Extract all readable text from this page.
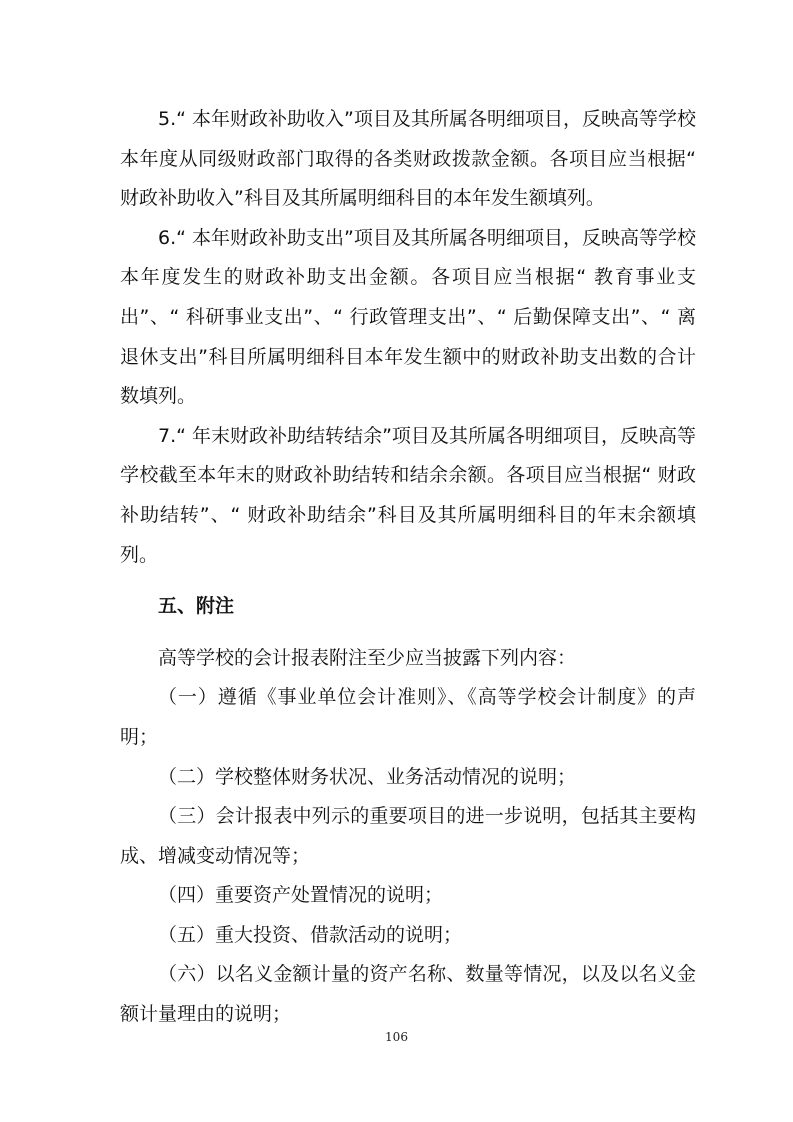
5.“ 本年财政补助收入”项目及其所属各明细项目，反映高等学校本年度从同级财政部门取得的各类财政拨款金额。各项目应当根据“ 财政补助收入”科目及其所属明细科目的本年发生额填列。

6.“ 本年财政补助支出”项目及其所属各明细项目，反映高等学校本年度发生的财政补助支出金额。各项目应当根据“ 教育事业支出”、“ 科研事业支出”、“ 行政管理支出”、“ 后勤保障支出”、“ 离退休支出”科目所属明细科目本年发生额中的财政补助支出数的合计数填列。

7.“ 年末财政补助结转结余”项目及其所属各明细项目，反映高等学校截至本年末的财政补助结转和结余余额。各项目应当根据“ 财政补助结转”、“ 财政补助结余”科目及其所属明细科目的年末余额填列。

五、附注

高等学校的会计报表附注至少应当披露下列内容：

（一）遵循《事业单位会计准则》、《高等学校会计制度》的声明；

（二）学校整体财务状况、业务活动情况的说明；

（三）会计报表中列示的重要项目的进一步说明，包括其主要构成、增减变动情况等；

（四）重要资产处置情况的说明；

（五）重大投资、借款活动的说明；

（六）以名义金额计量的资产名称、数量等情况，以及以名义金额计量理由的说明；

106
